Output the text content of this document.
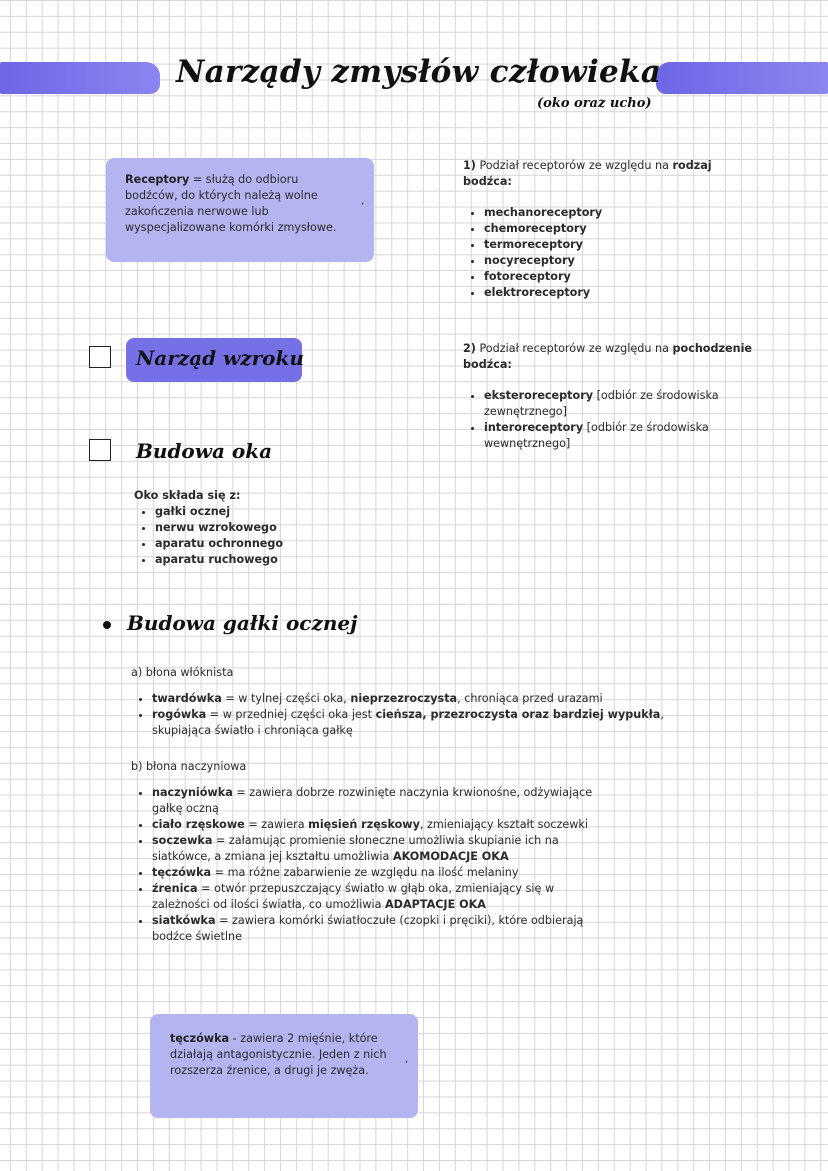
Narządy zmysłów człowieka
(oko oraz ucho)
Receptory = służą do odbioru bodźców, do których należą wolne zakończenia nerwowe lub wyspecjalizowane komórki zmysłowe.
,

1) Podział receptorów ze względu na rodzaj bodźca:

• mechanoreceptory
• chemoreceptory
• termoreceptory
• nocyreceptory
• fotoreceptory
• elektroreceptory

2) Podział receptorów ze względu na pochodzenie bodźca:

• eksteroreceptory [odbiór ze środowiska zewnętrznego]
• interoreceptory [odbiór ze środowiska wewnętrznego]
Narząd wzroku
Budowa oka

Oko składa się z:

• gałki ocznej
• nerwu wzrokowego
• aparatu ochronnego
• aparatu ruchowego
Budowa gałki ocznej

a) błona włóknista

• twardówka = w tylnej części oka, nieprzezroczysta, chroniąca przed urazami
• rogówka = w przedniej części oka jest cieńsza, przezroczysta oraz bardziej wypukła, skupiająca światło i chroniąca gałkę

b) błona naczyniowa

• naczyniówka = zawiera dobrze rozwinięte naczynia krwionośne, odżywiające gałkę oczną
• ciało rzęskowe = zawiera mięsień rzęskowy, zmieniający kształt soczewki
• soczewka = załamując promienie słoneczne umożliwia skupianie ich na siatkówce, a zmiana jej kształtu umożliwia AKOMODACJE OKA
• tęczówka = ma różne zabarwienie ze względu na ilość melaniny
• źrenica = otwór przepuszczający światło w głąb oka, zmieniający się w zależności od ilości światła, co umożliwia ADAPTACJE OKA
• siatkówka = zawiera komórki światłoczułe (czopki i pręciki), które odbierają bodźce świetlne
tęczówka - zawiera 2 mięśnie, które działają antagonistycznie. Jeden z nich rozszerza źrenice, a drugi je zwęża.
,
